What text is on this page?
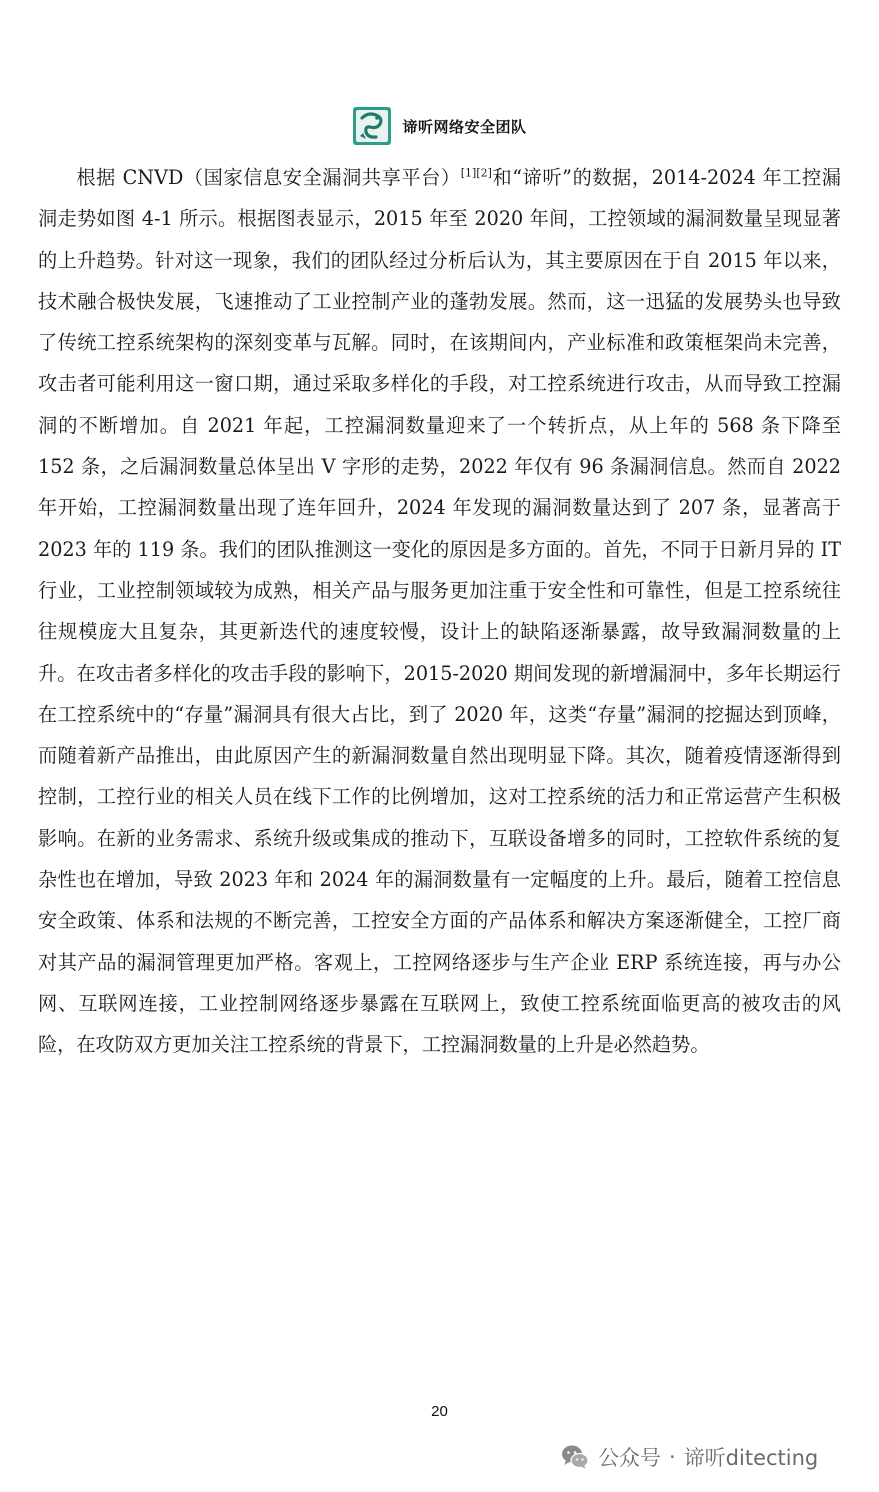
谛听网络安全团队

根据 CNVD（国家信息安全漏洞共享平台）[1][2]和“谛听”的数据，2014-2024 年工控漏洞走势如图 4-1 所示。根据图表显示，2015 年至 2020 年间，工控领域的漏洞数量呈现显著的上升趋势。针对这一现象，我们的团队经过分析后认为，其主要原因在于自 2015 年以来，技术融合极快发展，飞速推动了工业控制产业的蓬勃发展。然而，这一迅猛的发展势头也导致了传统工控系统架构的深刻变革与瓦解。同时，在该期间内，产业标准和政策框架尚未完善，攻击者可能利用这一窗口期，通过采取多样化的手段，对工控系统进行攻击，从而导致工控漏洞的不断增加。自 2021 年起，工控漏洞数量迎来了一个转折点，从上年的 568 条下降至 152 条，之后漏洞数量总体呈出 V 字形的走势，2022 年仅有 96 条漏洞信息。然而自 2022 年开始，工控漏洞数量出现了连年回升，2024 年发现的漏洞数量达到了 207 条，显著高于 2023 年的 119 条。我们的团队推测这一变化的原因是多方面的。首先，不同于日新月异的 IT 行业，工业控制领域较为成熟，相关产品与服务更加注重于安全性和可靠性，但是工控系统往往规模庞大且复杂，其更新迭代的速度较慢，设计上的缺陷逐渐暴露，故导致漏洞数量的上升。在攻击者多样化的攻击手段的影响下，2015-2020 期间发现的新增漏洞中，多年长期运行在工控系统中的“存量”漏洞具有很大占比，到了 2020 年，这类“存量”漏洞的挖掘达到顶峰，而随着新产品推出，由此原因产生的新漏洞数量自然出现明显下降。其次，随着疫情逐渐得到控制，工控行业的相关人员在线下工作的比例增加，这对工控系统的活力和正常运营产生积极影响。在新的业务需求、系统升级或集成的推动下，互联设备增多的同时，工控软件系统的复杂性也在增加，导致 2023 年和 2024 年的漏洞数量有一定幅度的上升。最后，随着工控信息安全政策、体系和法规的不断完善，工控安全方面的产品体系和解决方案逐渐健全，工控厂商对其产品的漏洞管理更加严格。客观上，工控网络逐步与生产企业 ERP 系统连接，再与办公网、互联网连接，工业控制网络逐步暴露在互联网上，致使工控系统面临更高的被攻击的风险，在攻防双方更加关注工控系统的背景下，工控漏洞数量的上升是必然趋势。

20
公众号 · 谛听ditecting
